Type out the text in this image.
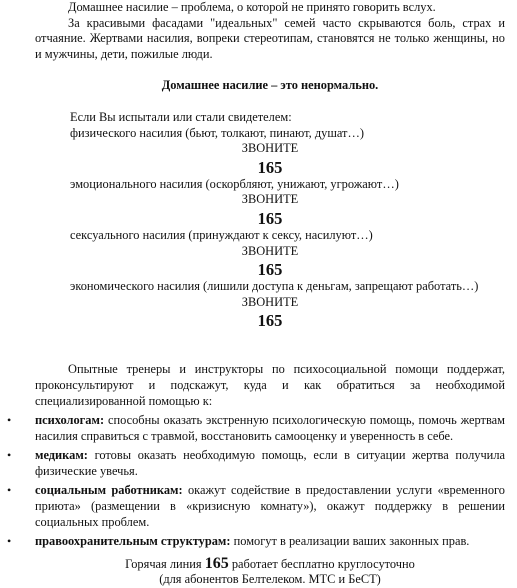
Домашнее насилие – проблема, о которой не принято говорить вслух.

За красивыми фасадами "идеальных" семей часто скрываются боль, страх и отчаяние. Жертвами насилия, вопреки стереотипам, становятся не только женщины, но и мужчины, дети, пожилые люди.

Домашнее насилие – это ненормально.

Если Вы испытали или стали свидетелем:

физического насилия (бьют, толкают, пинают, душат…)

ЗВОНИТЕ

165

эмоционального насилия (оскорбляют, унижают, угрожают…)

ЗВОНИТЕ

165

сексуального насилия (принуждают к сексу, насилуют…)

ЗВОНИТЕ

165

экономического насилия (лишили доступа к деньгам, запрещают работать…)

ЗВОНИТЕ

165

Опытные тренеры и инструкторы по психосоциальной помощи поддержат, проконсультируют и подскажут, куда и как обратиться за необходимой специализированной помощью к:

• психологам: способны оказать экстренную психологическую помощь, помочь жертвам насилия справиться с травмой, восстановить самооценку и уверенность в себе.
• медикам: готовы оказать необходимую помощь, если в ситуации жертва получила физические увечья.
• социальным работникам: окажут содействие в предоставлении услуги «временного приюта» (размещении в «кризисную комнату»), окажут поддержку в решении социальных проблем.
• правоохранительным структурам: помогут в реализации ваших законных прав.

Горячая линия 165 работает бесплатно круглосуточно

(для абонентов Белтелеком. МТС и БеСТ)
